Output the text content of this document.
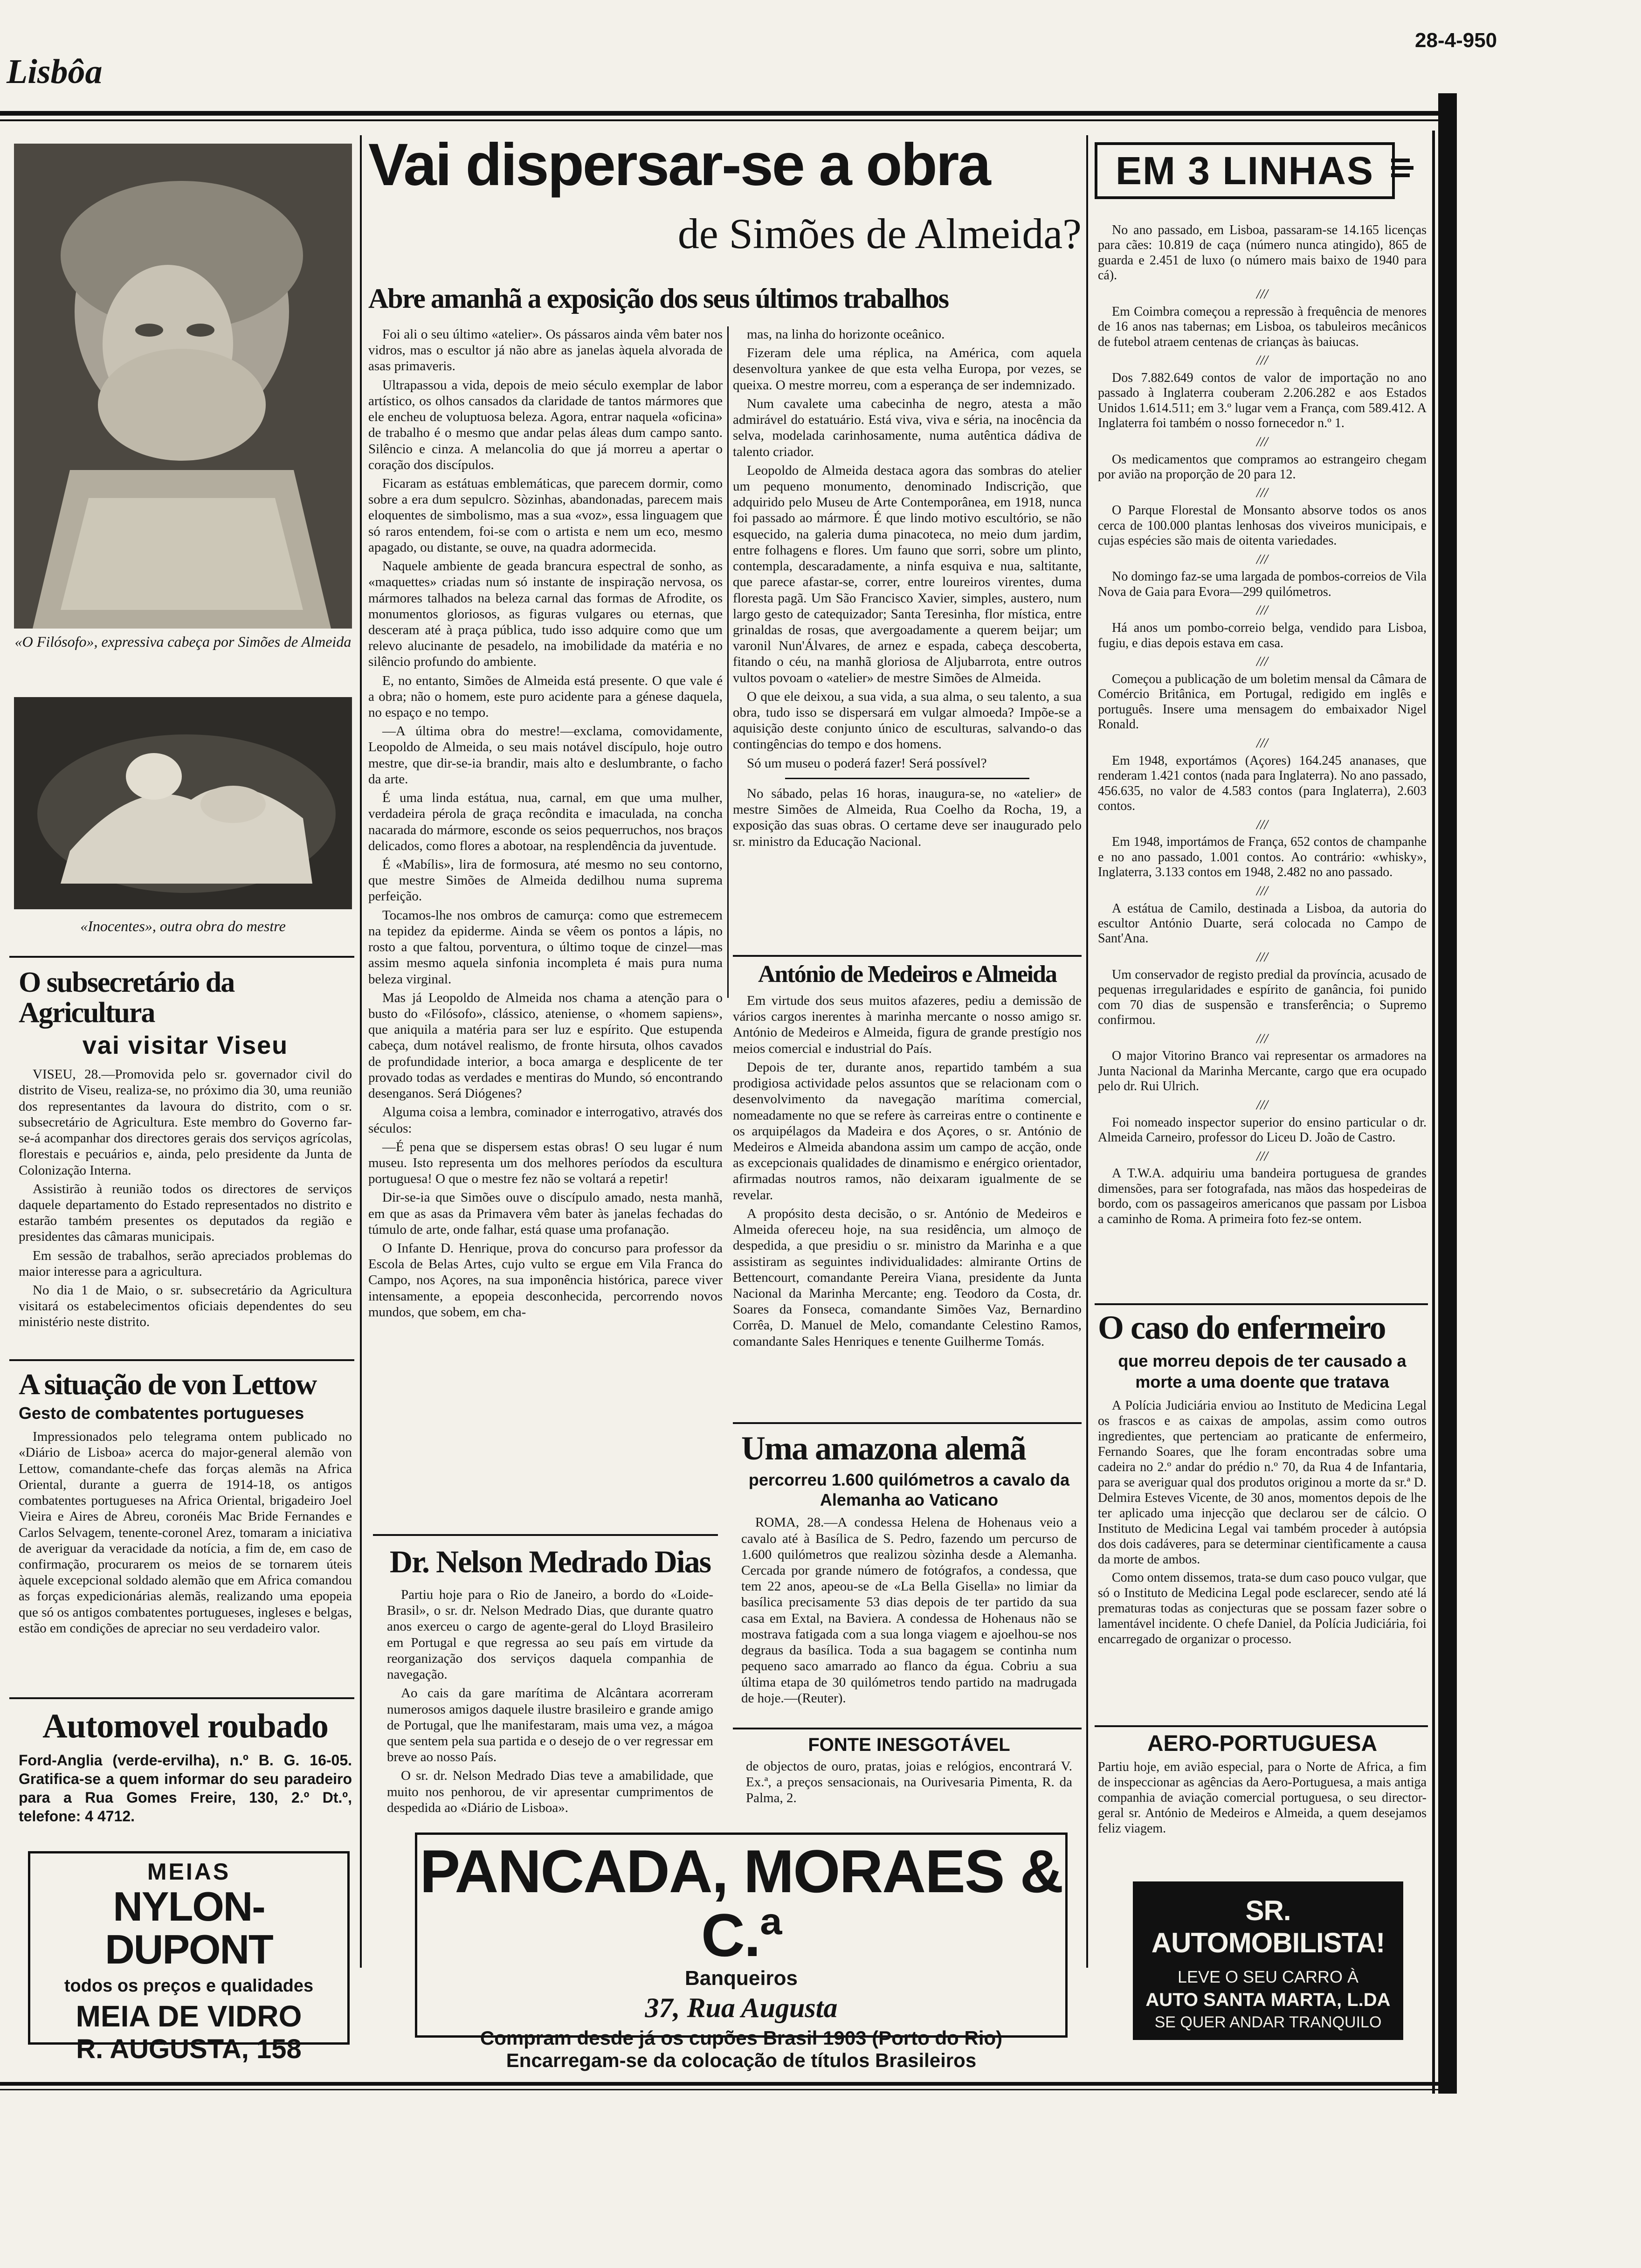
Lisbôa
28-4-950
«O Filósofo», expressiva cabeça por Simões de Almeida
«Inocentes», outra obra do mestre
O subsecretário da Agricultura
vai visitar Viseu

VISEU, 28.—Promovida pelo sr. governador civil do distrito de Viseu, realiza-se, no próximo dia 30, uma reunião dos representantes da lavoura do distrito, com o sr. subsecretário de Agricultura. Este membro do Governo far-se-á acompanhar dos directores gerais dos serviços agrícolas, florestais e pecuários e, ainda, pelo presidente da Junta de Colonização Interna.

Assistirão à reunião todos os directores de serviços daquele departamento do Estado representados no distrito e estarão também presentes os deputados da região e presidentes das câmaras municipais.

Em sessão de trabalhos, serão apreciados problemas do maior interesse para a agricultura.

No dia 1 de Maio, o sr. subsecretário da Agricultura visitará os estabelecimentos oficiais dependentes do seu ministério neste distrito.

A situação de von Lettow
Gesto de combatentes portugueses

Impressionados pelo telegrama ontem publicado no «Diário de Lisboa» acerca do major-general alemão von Lettow, comandante-chefe das forças alemãs na Africa Oriental, durante a guerra de 1914-18, os antigos combatentes portugueses na Africa Oriental, brigadeiro Joel Vieira e Aires de Abreu, coronéis Mac Bride Fernandes e Carlos Selvagem, tenente-coronel Arez, tomaram a iniciativa de averiguar da veracidade da notícia, a fim de, em caso de confirmação, procurarem os meios de se tornarem úteis àquele excepcional soldado alemão que em Africa comandou as forças expedicionárias alemãs, realizando uma epopeia que só os antigos combatentes portugueses, ingleses e belgas, estão em condições de apreciar no seu verdadeiro valor.

Automovel roubado
Ford-Anglia (verde-ervilha), n.º B. G. 16-05. Gratifica-se a quem informar do seu paradeiro para a Rua Gomes Freire, 130, 2.º Dt.º, telefone: 4 4712.
MEIAS
NYLON-DUPONT
todos os preços e qualidades
MEIA DE VIDRO
R. AUGUSTA, 158
Vai dispersar-se a obra
de Simões de Almeida?
Abre amanhã a exposição dos seus últimos trabalhos

Foi ali o seu último «atelier». Os pássaros ainda vêm bater nos vidros, mas o escultor já não abre as janelas àquela alvorada de asas primaveris.

Ultrapassou a vida, depois de meio século exemplar de labor artístico, os olhos cansados da claridade de tantos mármores que ele encheu de voluptuosa beleza. Agora, entrar naquela «oficina» de trabalho é o mesmo que andar pelas áleas dum campo santo. Silêncio e cinza. A melancolia do que já morreu a apertar o coração dos discípulos.

Ficaram as estátuas emblemáticas, que parecem dormir, como sobre a era dum sepulcro. Sòzinhas, abandonadas, parecem mais eloquentes de simbolismo, mas a sua «voz», essa linguagem que só raros entendem, foi-se com o artista e nem um eco, mesmo apagado, ou distante, se ouve, na quadra adormecida.

Naquele ambiente de geada brancura espectral de sonho, as «maquettes» criadas num só instante de inspiração nervosa, os mármores talhados na beleza carnal das formas de Afrodite, os monumentos gloriosos, as figuras vulgares ou eternas, que desceram até à praça pública, tudo isso adquire como que um relevo alucinante de pesadelo, na imobilidade da matéria e no silêncio profundo do ambiente.

E, no entanto, Simões de Almeida está presente. O que vale é a obra; não o homem, este puro acidente para a génese daquela, no espaço e no tempo.

—A última obra do mestre!—exclama, comovidamente, Leopoldo de Almeida, o seu mais notável discípulo, hoje outro mestre, que dir-se-ia brandir, mais alto e deslumbrante, o facho da arte.

É uma linda estátua, nua, carnal, em que uma mulher, verdadeira pérola de graça recôndita e imaculada, na concha nacarada do mármore, esconde os seios pequerruchos, nos braços delicados, como flores a abotoar, na resplendência da juventude.

É «Mabílis», lira de formosura, até mesmo no seu contorno, que mestre Simões de Almeida dedilhou numa suprema perfeição.

Tocamos-lhe nos ombros de camurça: como que estremecem na tepidez da epiderme. Ainda se vêem os pontos a lápis, no rosto a que faltou, porventura, o último toque de cinzel—mas assim mesmo aquela sinfonia incompleta é mais pura numa beleza virginal.

Mas já Leopoldo de Almeida nos chama a atenção para o busto do «Filósofo», clássico, ateniense, o «homem sapiens», que aniquila a matéria para ser luz e espírito. Que estupenda cabeça, dum notável realismo, de fronte hirsuta, olhos cavados de profundidade interior, a boca amarga e desplicente de ter provado todas as verdades e mentiras do Mundo, só encontrando desenganos. Será Diógenes?

Alguma coisa a lembra, cominador e interrogativo, através dos séculos:

—É pena que se dispersem estas obras! O seu lugar é num museu. Isto representa um dos melhores períodos da escultura portuguesa! O que o mestre fez não se voltará a repetir!

Dir-se-ia que Simões ouve o discípulo amado, nesta manhã, em que as asas da Primavera vêm bater às janelas fechadas do túmulo de arte, onde falhar, está quase uma profanação.

O Infante D. Henrique, prova do concurso para professor da Escola de Belas Artes, cujo vulto se ergue em Vila Franca do Campo, nos Açores, na sua imponência histórica, parece viver intensamente, a epopeia desconhecida, percorrendo novos mundos, que sobem, em cha-

mas, na linha do horizonte oceânico.

Fizeram dele uma réplica, na América, com aquela desenvoltura yankee de que esta velha Europa, por vezes, se queixa. O mestre morreu, com a esperança de ser indemnizado.

Num cavalete uma cabecinha de negro, atesta a mão admirável do estatuário. Está viva, viva e séria, na inocência da selva, modelada carinhosamente, numa autêntica dádiva de talento criador.

Leopoldo de Almeida destaca agora das sombras do atelier um pequeno monumento, denominado Indiscrição, que adquirido pelo Museu de Arte Contemporânea, em 1918, nunca foi passado ao mármore. É que lindo motivo escultório, se não esquecido, na galeria duma pinacoteca, no meio dum jardim, entre folhagens e flores. Um fauno que sorri, sobre um plinto, contempla, descaradamente, a ninfa esquiva e nua, saltitante, que parece afastar-se, correr, entre loureiros virentes, duma floresta pagã. Um São Francisco Xavier, simples, austero, num largo gesto de catequizador; Santa Teresinha, flor mística, entre grinaldas de rosas, que avergoadamente a querem beijar; um varonil Nun'Álvares, de arnez e espada, cabeça descoberta, fitando o céu, na manhã gloriosa de Aljubarrota, entre outros vultos povoam o «atelier» de mestre Simões de Almeida.

O que ele deixou, a sua vida, a sua alma, o seu talento, a sua obra, tudo isso se dispersará em vulgar almoeda? Impõe-se a aquisição deste conjunto único de esculturas, salvando-o das contingências do tempo e dos homens.

Só um museu o poderá fazer! Será possível?

No sábado, pelas 16 horas, inaugura-se, no «atelier» de mestre Simões de Almeida, Rua Coelho da Rocha, 19, a exposição das suas obras. O certame deve ser inaugurado pelo sr. ministro da Educação Nacional.

António de Medeiros e Almeida

Em virtude dos seus muitos afazeres, pediu a demissão de vários cargos inerentes à marinha mercante o nosso amigo sr. António de Medeiros e Almeida, figura de grande prestígio nos meios comercial e industrial do País.

Depois de ter, durante anos, repartido também a sua prodigiosa actividade pelos assuntos que se relacionam com o desenvolvimento da navegação marítima comercial, nomeadamente no que se refere às carreiras entre o continente e os arquipélagos da Madeira e dos Açores, o sr. António de Medeiros e Almeida abandona assim um campo de acção, onde as excepcionais qualidades de dinamismo e enérgico orientador, afirmadas noutros ramos, não deixaram igualmente de se revelar.

A propósito desta decisão, o sr. António de Medeiros e Almeida ofereceu hoje, na sua residência, um almoço de despedida, a que presidiu o sr. ministro da Marinha e a que assistiram as seguintes individualidades: almirante Ortins de Bettencourt, comandante Pereira Viana, presidente da Junta Nacional da Marinha Mercante; eng. Teodoro da Costa, dr. Soares da Fonseca, comandante Simões Vaz, Bernardino Corrêa, D. Manuel de Melo, comandante Celestino Ramos, comandante Sales Henriques e tenente Guilherme Tomás.

Dr. Nelson Medrado Dias

Partiu hoje para o Rio de Janeiro, a bordo do «Loide-Brasil», o sr. dr. Nelson Medrado Dias, que durante quatro anos exerceu o cargo de agente-geral do Lloyd Brasileiro em Portugal e que regressa ao seu país em virtude da reorganização dos serviços daquela companhia de navegação.

Ao cais da gare marítima de Alcântara acorreram numerosos amigos daquele ilustre brasileiro e grande amigo de Portugal, que lhe manifestaram, mais uma vez, a mágoa que sentem pela sua partida e o desejo de o ver regressar em breve ao nosso País.

O sr. dr. Nelson Medrado Dias teve a amabilidade, que muito nos penhorou, de vir apresentar cumprimentos de despedida ao «Diário de Lisboa».

Uma amazona alemã
percorreu 1.600 quilómetros a cavalo da Alemanha ao Vaticano

ROMA, 28.—A condessa Helena de Hohenaus veio a cavalo até à Basílica de S. Pedro, fazendo um percurso de 1.600 quilómetros que realizou sòzinha desde a Alemanha. Cercada por grande número de fotógrafos, a condessa, que tem 22 anos, apeou-se de «La Bella Gisella» no limiar da basílica precisamente 53 dias depois de ter partido da sua casa em Extal, na Baviera. A condessa de Hohenaus não se mostrava fatigada com a sua longa viagem e ajoelhou-se nos degraus da basílica. Toda a sua bagagem se continha num pequeno saco amarrado ao flanco da égua. Cobriu a sua última etapa de 30 quilómetros tendo partido na madrugada de hoje.—(Reuter).

FONTE INESGOTÁVEL
de objectos de ouro, pratas, joias e relógios, encontrará V. Ex.ª, a preços sensacionais, na Ourivesaria Pimenta, R. da Palma, 2.
PANCADA, MORAES & C.ª
Banqueiros
37, Rua Augusta
Compram desde já os cupões Brasil 1903 (Porto do Rio)
Encarregam-se da colocação de títulos Brasileiros
EM 3 LINHAS

No ano passado, em Lisboa, passaram-se 14.165 licenças para cães: 10.819 de caça (número nunca atingido), 865 de guarda e 2.451 de luxo (o número mais baixo de 1940 para cá).

///

Em Coimbra começou a repressão à frequência de menores de 16 anos nas tabernas; em Lisboa, os tabuleiros mecânicos de futebol atraem centenas de crianças às baiucas.

///

Dos 7.882.649 contos de valor de importação no ano passado à Inglaterra couberam 2.206.282 e aos Estados Unidos 1.614.511; em 3.º lugar vem a França, com 589.412. A Inglaterra foi também o nosso fornecedor n.º 1.

///

Os medicamentos que compramos ao estrangeiro chegam por avião na proporção de 20 para 12.

///

O Parque Florestal de Monsanto absorve todos os anos cerca de 100.000 plantas lenhosas dos viveiros municipais, e cujas espécies são mais de oitenta variedades.

///

No domingo faz-se uma largada de pombos-correios de Vila Nova de Gaia para Evora—299 quilómetros.

///

Há anos um pombo-correio belga, vendido para Lisboa, fugiu, e dias depois estava em casa.

///

Começou a publicação de um boletim mensal da Câmara de Comércio Britânica, em Portugal, redigido em inglês e português. Insere uma mensagem do embaixador Nigel Ronald.

///

Em 1948, exportámos (Açores) 164.245 ananases, que renderam 1.421 contos (nada para Inglaterra). No ano passado, 456.635, no valor de 4.583 contos (para Inglaterra), 2.603 contos.

///

Em 1948, importámos de França, 652 contos de champanhe e no ano passado, 1.001 contos. Ao contrário: «whisky», Inglaterra, 3.133 contos em 1948, 2.482 no ano passado.

///

A estátua de Camilo, destinada a Lisboa, da autoria do escultor António Duarte, será colocada no Campo de Sant'Ana.

///

Um conservador de registo predial da província, acusado de pequenas irregularidades e espírito de ganância, foi punido com 70 dias de suspensão e transferência; o Supremo confirmou.

///

O major Vitorino Branco vai representar os armadores na Junta Nacional da Marinha Mercante, cargo que era ocupado pelo dr. Rui Ulrich.

///

Foi nomeado inspector superior do ensino particular o dr. Almeida Carneiro, professor do Liceu D. João de Castro.

///

A T.W.A. adquiriu uma bandeira portuguesa de grandes dimensões, para ser fotografada, nas mãos das hospedeiras de bordo, com os passageiros americanos que passam por Lisboa a caminho de Roma. A primeira foto fez-se ontem.

O caso do enfermeiro
que morreu depois de ter causado a morte a uma doente que tratava

A Polícia Judiciária enviou ao Instituto de Medicina Legal os frascos e as caixas de ampolas, assim como outros ingredientes, que pertenciam ao praticante de enfermeiro, Fernando Soares, que lhe foram encontradas sobre uma cadeira no 2.º andar do prédio n.º 70, da Rua 4 de Infantaria, para se averiguar qual dos produtos originou a morte da sr.ª D. Delmira Esteves Vicente, de 30 anos, momentos depois de lhe ter aplicado uma injecção que declarou ser de cálcio. O Instituto de Medicina Legal vai também proceder à autópsia dos dois cadáveres, para se determinar cientìficamente a causa da morte de ambos.

Como ontem dissemos, trata-se dum caso pouco vulgar, que só o Instituto de Medicina Legal pode esclarecer, sendo até lá prematuras todas as conjecturas que se possam fazer sobre o lamentável incidente. O chefe Daniel, da Polícia Judiciária, foi encarregado de organizar o processo.

AERO-PORTUGUESA
Partiu hoje, em avião especial, para o Norte de Africa, a fim de inspeccionar as agências da Aero-Portuguesa, a mais antiga companhia de aviação comercial portuguesa, o seu director-geral sr. António de Medeiros e Almeida, a quem desejamos feliz viagem.
SR. AUTOMOBILISTA!
LEVE O SEU CARRO À
AUTO SANTA MARTA, L.DA
SE QUER ANDAR TRANQUILO
51, R. DE SANTA MARTA, 51-C
